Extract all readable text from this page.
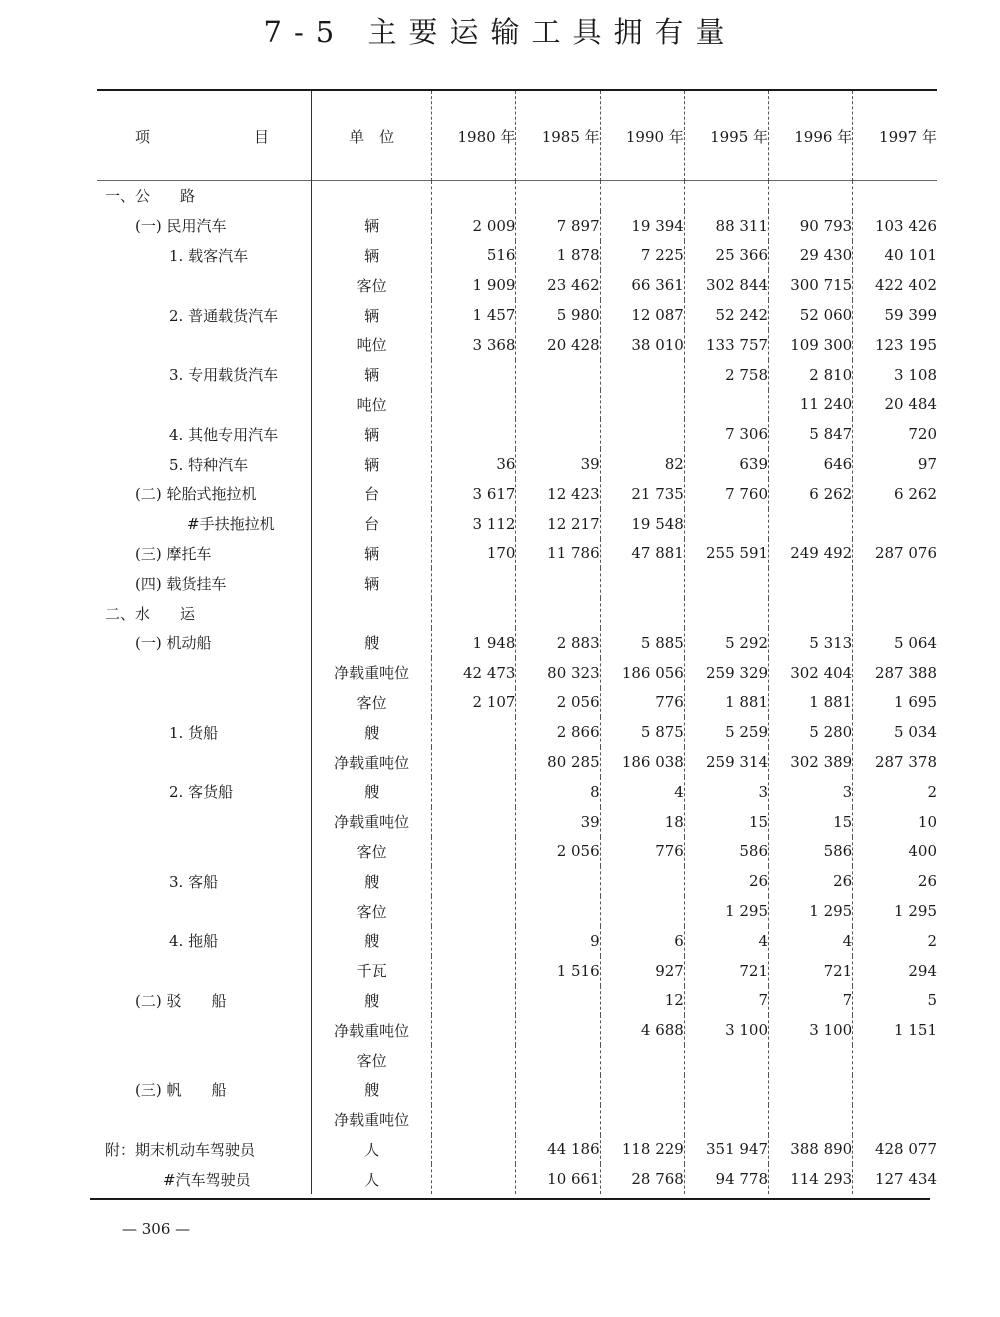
7-5 主要运输工具拥有量
项 目	单　位	1980 年	1985 年	1990 年	1995 年	1996 年	1997 年
一、公　　路							
(一) 民用汽车	辆	2 009	7 897	19 394	88 311	90 793	103 426
1. 载客汽车	辆	516	1 878	7 225	25 366	29 430	40 101
	客位	1 909	23 462	66 361	302 844	300 715	422 402
2. 普通载货汽车	辆	1 457	5 980	12 087	52 242	52 060	59 399
	吨位	3 368	20 428	38 010	133 757	109 300	123 195
3. 专用载货汽车	辆				2 758	2 810	3 108
	吨位					11 240	20 484
4. 其他专用汽车	辆				7 306	5 847	720
5. 特种汽车	辆	36	39	82	639	646	97
(二) 轮胎式拖拉机	台	3 617	12 423	21 735	7 760	6 262	6 262
#手扶拖拉机	台	3 112	12 217	19 548			
(三) 摩托车	辆	170	11 786	47 881	255 591	249 492	287 076
(四) 载货挂车	辆						
二、水　　运							
(一) 机动船	艘	1 948	2 883	5 885	5 292	5 313	5 064
	净载重吨位	42 473	80 323	186 056	259 329	302 404	287 388
	客位	2 107	2 056	776	1 881	1 881	1 695
1. 货船	艘		2 866	5 875	5 259	5 280	5 034
	净载重吨位		80 285	186 038	259 314	302 389	287 378
2. 客货船	艘		8	4	3	3	2
	净载重吨位		39	18	15	15	10
	客位		2 056	776	586	586	400
3. 客船	艘				26	26	26
	客位				1 295	1 295	1 295
4. 拖船	艘		9	6	4	4	2
	千瓦		1 516	927	721	721	294
(二) 驳　　船	艘			12	7	7	5
	净载重吨位			4 688	3 100	3 100	1 151
	客位						
(三) 帆　　船	艘						
	净载重吨位						
附：期末机动车驾驶员	人		44 186	118 229	351 947	388 890	428 077
#汽车驾驶员	人		10 661	28 768	94 778	114 293	127 434
— 306 —
